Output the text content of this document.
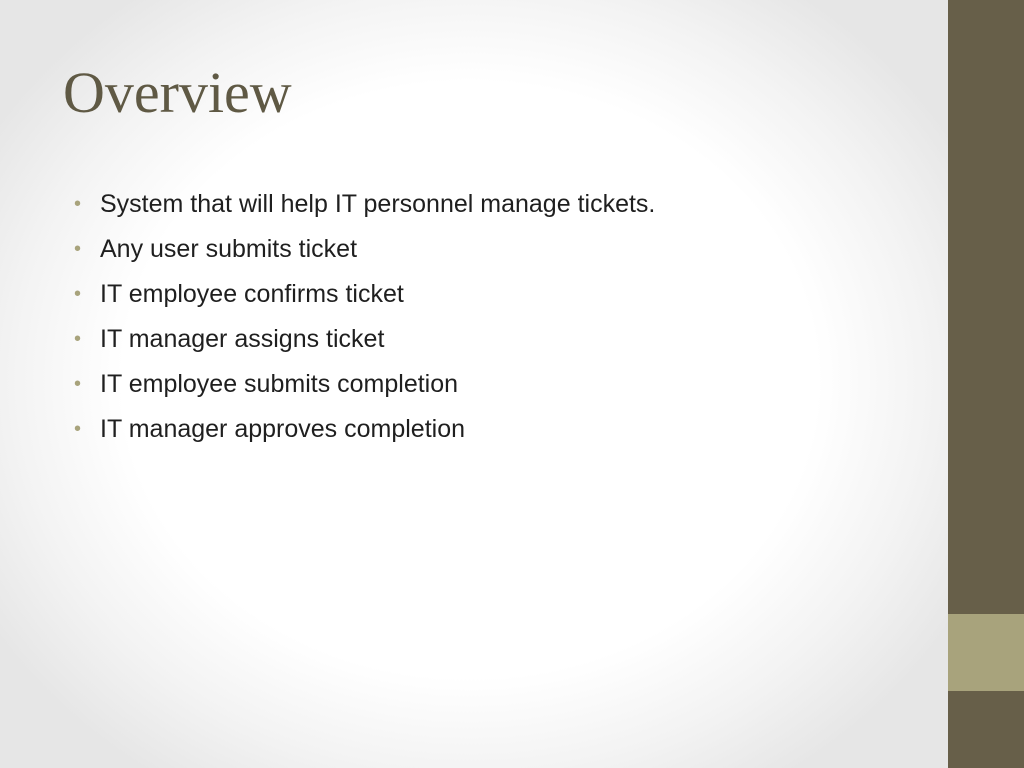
Overview
• System that will help IT personnel manage tickets.
• Any user submits ticket
• IT employee confirms ticket
• IT manager assigns ticket
• IT employee submits completion
• IT manager approves completion
